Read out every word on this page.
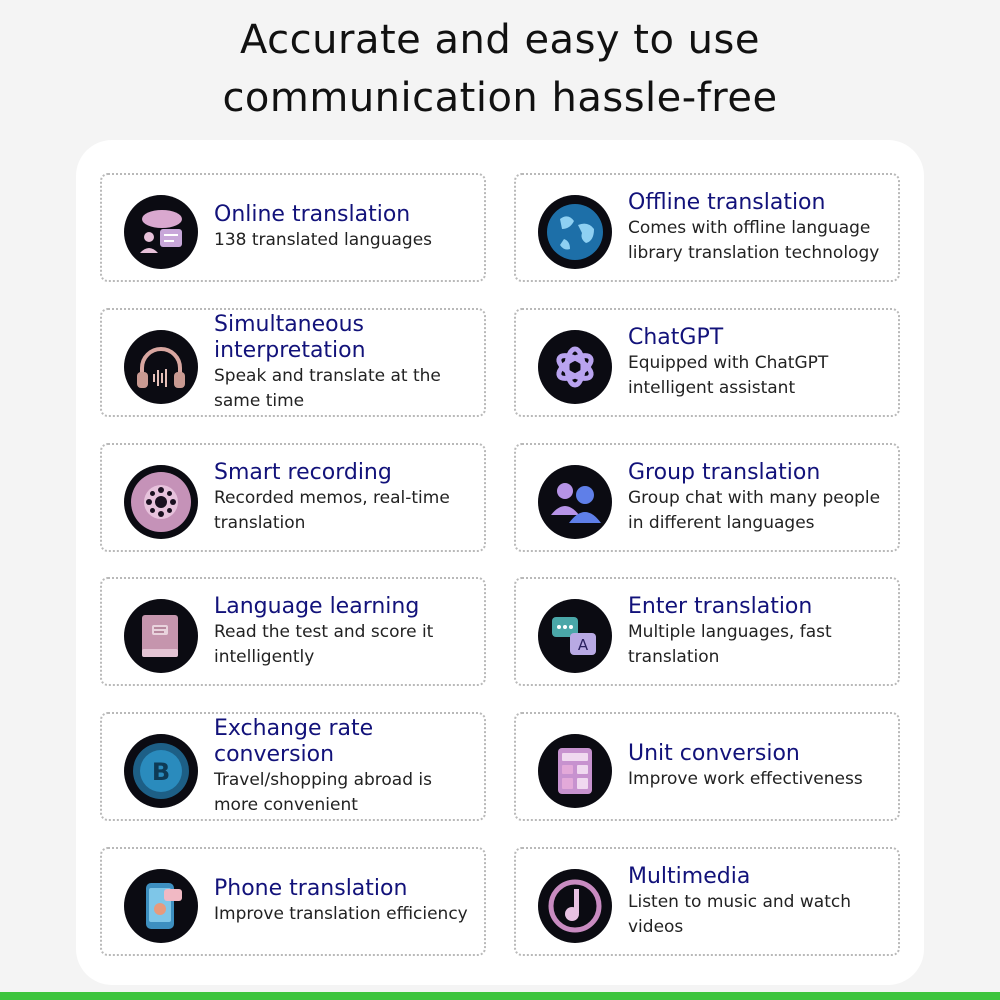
Accurate and easy to use
communication hassle-free
Online translation
138 translated languages
Offline translation
Comes with offline language library translation technology
Simultaneous interpretation
Speak and translate at the same time
ChatGPT
Equipped with ChatGPT intelligent assistant
Smart recording
Recorded memos, real-time translation
Group translation
Group chat with many people in different languages
Language learning
Read the test and score it intelligently
A
Enter translation
Multiple languages, fast translation
B
Exchange rate conversion
Travel/shopping abroad is more convenient
Unit conversion
Improve work effectiveness
Phone translation
Improve translation efficiency
Multimedia
Listen to music and watch videos
